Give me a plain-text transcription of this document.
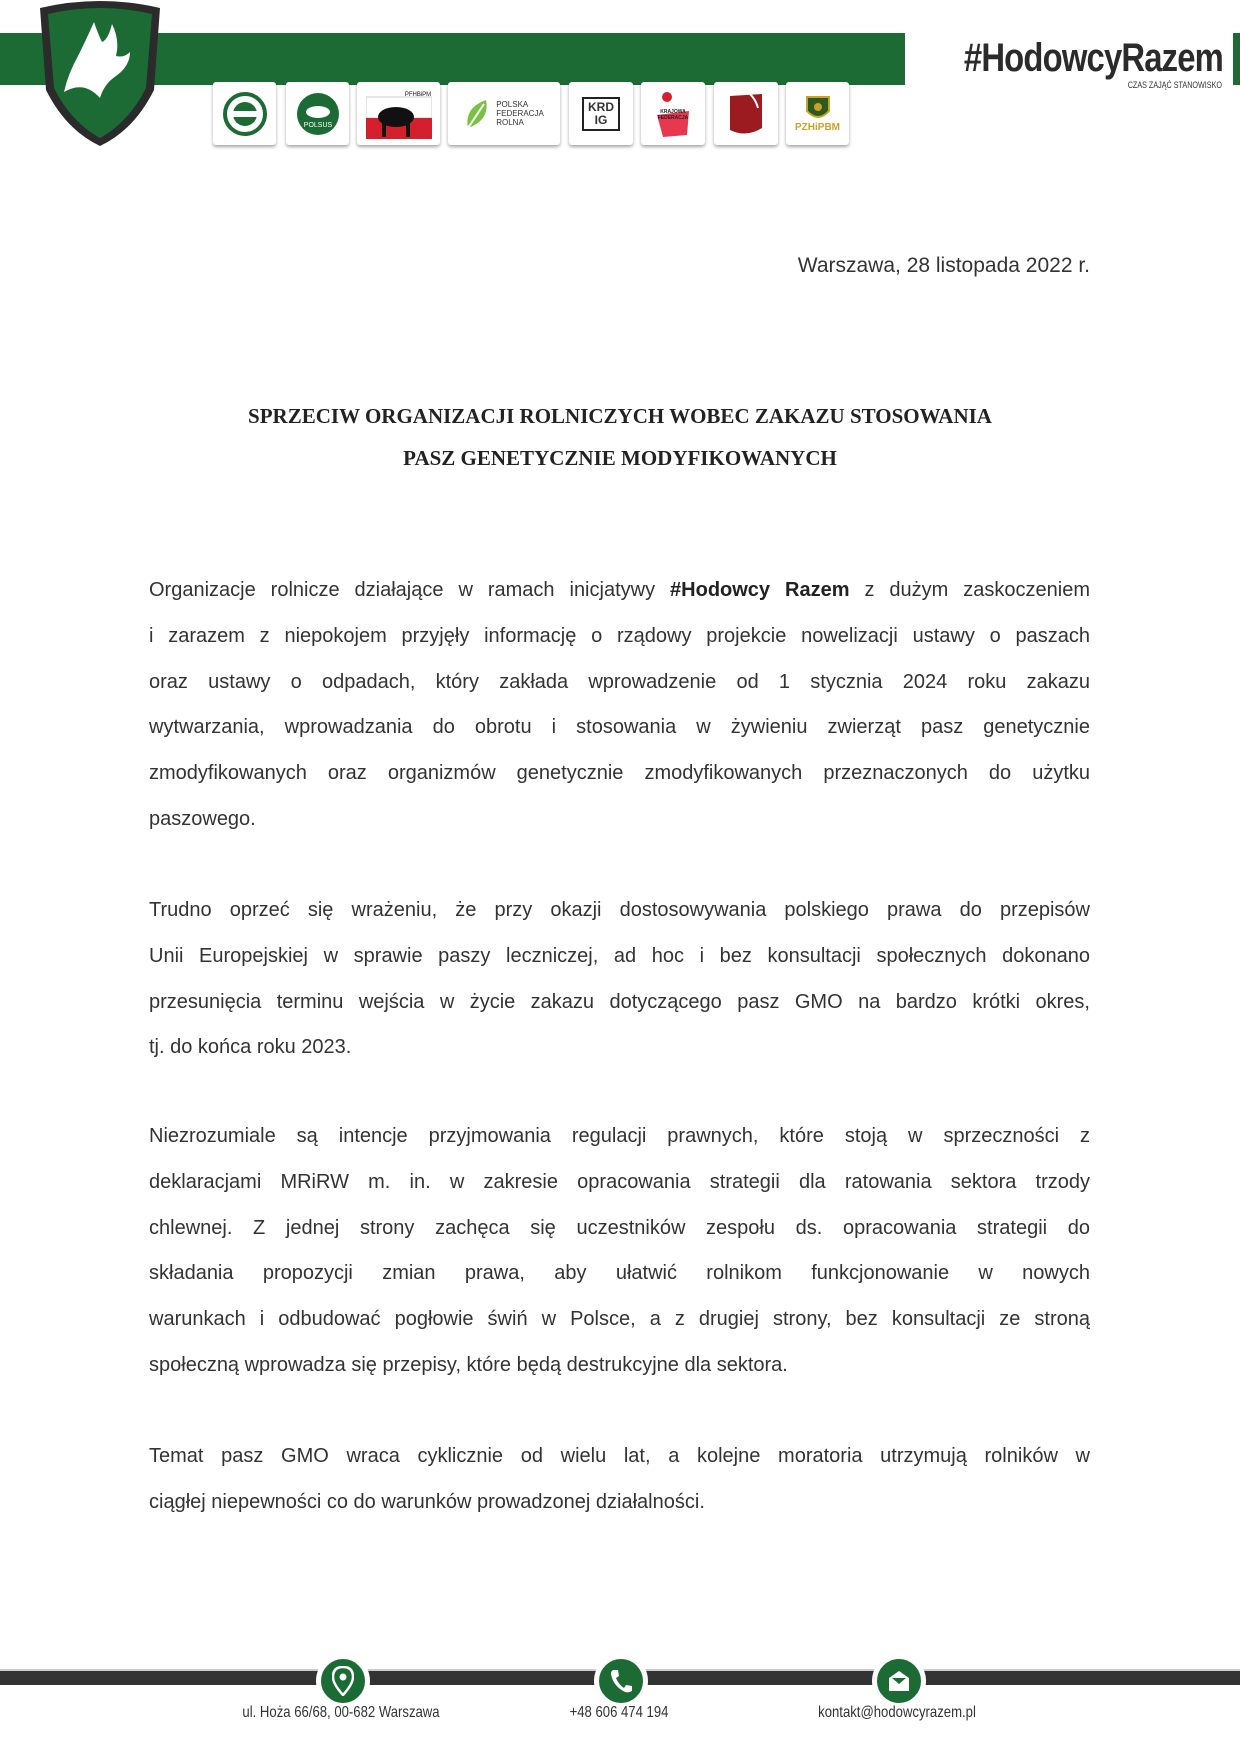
#HodowcyRazem
CZAS ZAJĄĆ STANOWISKO
POLSUS
PFHBiPM
POLSKA
FEDERACJA
ROLNA
KRD
IG
KRAJOWA FEDERACJA
PZHiPBM
Warszawa, 28 listopada 2022 r.
SPRZECIW ORGANIZACJI ROLNICZYCH WOBEC ZAKAZU STOSOWANIA
PASZ GENETYCZNIE MODYFIKOWANYCH
Organizacje rolnicze działające w ramach inicjatywy #Hodowcy Razem z dużym zaskoczeniem
i zarazem z niepokojem przyjęły informację o rządowy projekcie nowelizacji ustawy o paszach
oraz ustawy o odpadach, który zakłada wprowadzenie od 1 stycznia 2024 roku zakazu
wytwarzania, wprowadzania do obrotu i stosowania w żywieniu zwierząt pasz genetycznie
zmodyfikowanych oraz organizmów genetycznie zmodyfikowanych przeznaczonych do użytku
paszowego.
Trudno oprzeć się wrażeniu, że przy okazji dostosowywania polskiego prawa do przepisów
Unii Europejskiej w sprawie paszy leczniczej, ad hoc i bez konsultacji społecznych dokonano
przesunięcia terminu wejścia w życie zakazu dotyczącego pasz GMO na bardzo krótki okres,
tj. do końca roku 2023.
Niezrozumiale są intencje przyjmowania regulacji prawnych, które stoją w sprzeczności z
deklaracjami MRiRW m. in. w zakresie opracowania strategii dla ratowania sektora trzody
chlewnej. Z jednej strony zachęca się uczestników zespołu ds. opracowania strategii do
składania propozycji zmian prawa, aby ułatwić rolnikom funkcjonowanie w nowych
warunkach i odbudować pogłowie świń w Polsce, a z drugiej strony, bez konsultacji ze stroną
społeczną wprowadza się przepisy, które będą destrukcyjne dla sektora.
Temat pasz GMO wraca cyklicznie od wielu lat, a kolejne moratoria utrzymują rolników w
ciągłej niepewności co do warunków prowadzonej działalności.
ul. Hoża 66/68, 00-682 Warszawa	+48 606 474 194	kontakt@hodowcyrazem.pl
